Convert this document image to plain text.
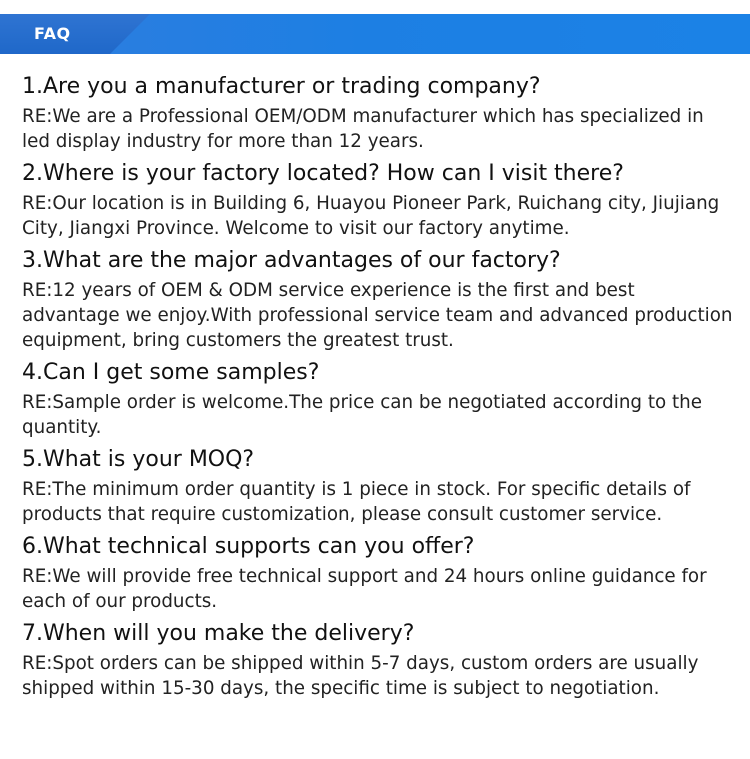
FAQ
1.Are you a manufacturer or trading company?
RE:We are a Professional OEM/ODM manufacturer which has specialized in led display industry for more than 12 years.
2.Where is your factory located? How can I visit there?
RE:Our location is in Building 6, Huayou Pioneer Park, Ruichang city, Jiujiang City, Jiangxi Province. Welcome to visit our factory anytime.
3.What are the major advantages of our factory?
RE:12 years of OEM & ODM service experience is the first and best advantage we enjoy.With professional service team and advanced production equipment, bring customers the greatest trust.
4.Can I get some samples?
RE:Sample order is welcome.The price can be negotiated according to the quantity.
5.What is your MOQ?
RE:The minimum order quantity is 1 piece in stock. For specific details of products that require customization, please consult customer service.
6.What technical supports can you offer?
RE:We will provide free technical support and 24 hours online guidance for each of our products.
7.When will you make the delivery?
RE:Spot orders can be shipped within 5-7 days, custom orders are usually shipped within 15-30 days, the specific time is subject to negotiation.
